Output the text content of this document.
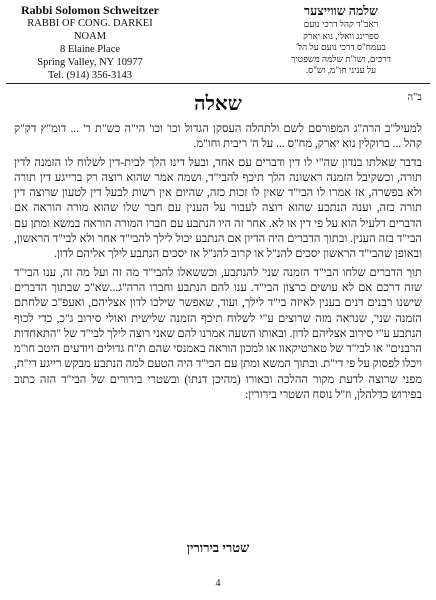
Rabbi Solomon Schweitzer
RABBI OF CONG. DARKEI NOAM
8 Elaine Place
Spring Valley, NY 10977
Tel. (914) 356-3143
שלמה שווייצער
ראב"ד קהל דרכי נועם
ספרינג וואלי, נוא יארק
בעמח"ס דרכי נועם על הל'
דרכים, ושו"ת שלמה משפטיך
על עניני חו"מ, וש"ס.
ב"ה
שאלה

למעיל"ב הרה"ג המפורסם לשם ולתהלה העסקן הגדול וכו' וכו' הי"ה כש"ת ר' ... דומ"ץ דק"ק קהל ... ברוקלין נוא יארק, מח"ס ... על ה' ריבית וחו"מ.

בדבר שאלתו בנדון שה"י לו דין ודברים עם אחד, ובעל דינו הלך לבית-דין לשלוח לו הזמנה לדין תורה, וכשקיבל הזמנה ראשונה הלך תיכף להבי"ד, ושמה אמר שהוא רוצה רק ברייגע דין תורה ולא בפשרה, אז אמרו לו הבי"ד שאין לו זכות כזה, שהיום אין רשות לבעל דין לטעון שרוצה דין תורה כזה, וענה הנתבע שהוא רוצה לעבור על הענין עם חבר שלו שהוא מורה הוראה אם הדברים דלעיל הוא על פי דין או לא. אחר זה היו הנתבע עם חברו המורה הוראה במשא ומתן עם הבי"ד בזה הענין. ובתוך הדברים היה הדיון אם הנתבע יכול לילך להבי"ד אחר ולא לבי"ד הראשון, ובאופן שהבי"ד הראשון יסכים להנ"ל או קרוב להנ"ל אז יסכים הנתבע לילך אליהם לדון.

תוך הדברים שלחו הבי"ד הזמנה שני' להנתבע, וכששאלו להבי"ד מה זה ועל מה זה, ענו הבי"ד שזה דרכם אם לא עושים כרצון הבי"ד. ענו להם הנתבע וחברו הרה"ג...שא"כ שבתוך הדברים שישנו רבנים דנים בענין לאיזה בי"ד לילך, ועוד, שאפשר שילכו לדון אצליהם, ואעפ"כ שלחתם הזמנה שני', שנראה מזה שרוצים ע"י לשלוח תיכף הזמנה שלישית ואולי סירוב ג"כ, כדי לכוף הנתבע ע"י סירוב אצליהם לדון. ובאותו השעה אמרנו להם שאני רוצה לילך לבי"ד של "התאחדות הרבנים" או לבי"ד של טארטיקאוו או למכון הוראה באמנסי שהם ת"ח גדולים ויודעים היטב חו"מ ויכלו לפסוק על פי די"ת. ובתוך המשא ומתן עם הבי"ד היה הטעם למה הנתבע מבקש רייגע די"ת, מפני שרוצה לדעת מקור ההלכה ובאורו (מהיכן דנתו) ובשטרי בירורים של הבי"ד הזה כתוב בפירוש כדלהלן, וז"ל נוסח השטרי בירורין:

שטרי בירורין
4
